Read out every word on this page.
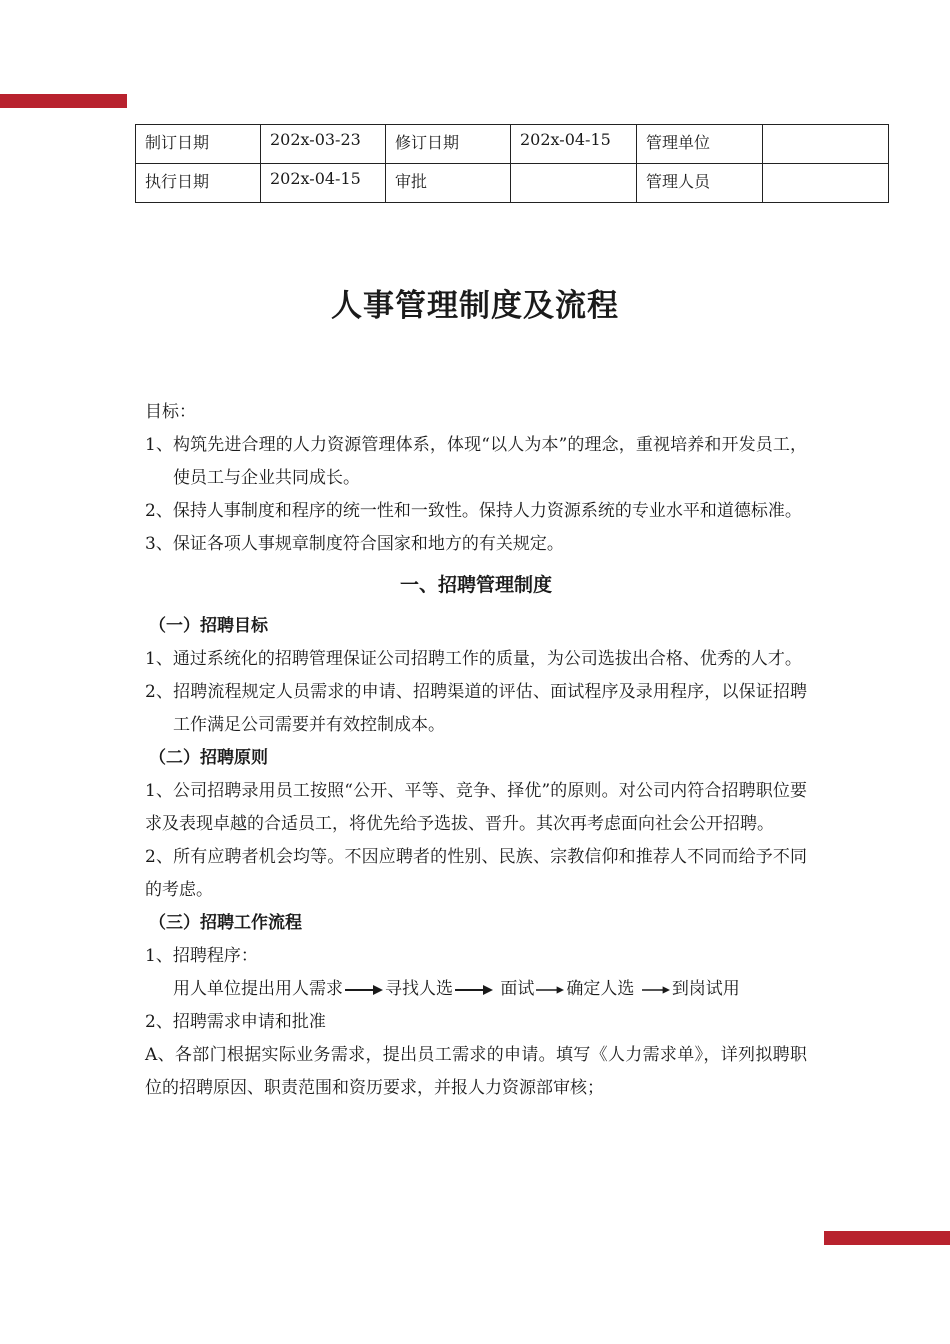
制订日期	202x-03-23	修订日期	202x-04-15	管理单位	
执行日期	202x-04-15	审批		管理人员	
人事管理制度及流程
目标：
1、构筑先进合理的人力资源管理体系，体现“以人为本”的理念，重视培养和开发员工，使员工与企业共同成长。
2、保持人事制度和程序的统一性和一致性。保持人力资源系统的专业水平和道德标准。
3、保证各项人事规章制度符合国家和地方的有关规定。
一、招聘管理制度
（一）招聘目标
1、通过系统化的招聘管理保证公司招聘工作的质量，为公司选拔出合格、优秀的人才。
2、招聘流程规定人员需求的申请、招聘渠道的评估、面试程序及录用程序，以保证招聘工作满足公司需要并有效控制成本。
（二）招聘原则
1、公司招聘录用员工按照“公开、平等、竞争、择优”的原则。对公司内符合招聘职位要求及表现卓越的合适员工，将优先给予选拔、晋升。其次再考虑面向社会公开招聘。
2、所有应聘者机会均等。不因应聘者的性别、民族、宗教信仰和推荐人不同而给予不同的考虑。
（三）招聘工作流程
1、招聘程序：
用人单位提出用人需求 寻找人选	面试 确定人选 到岗试用
2、招聘需求申请和批准
A、各部门根据实际业务需求，提出员工需求的申请。填写《人力需求单》，详列拟聘职位的招聘原因、职责范围和资历要求，并报人力资源部审核；
